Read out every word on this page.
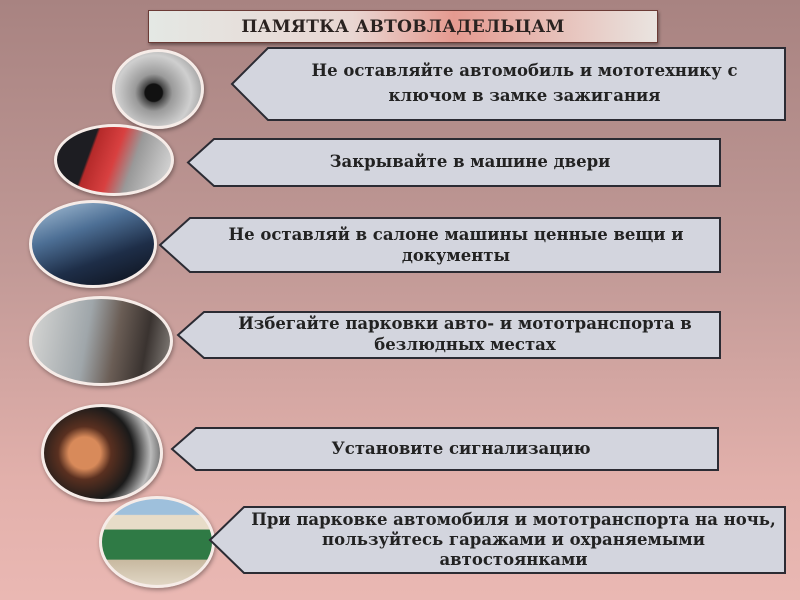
ПАМЯТКА АВТОВЛАДЕЛЬЦАМ
Не оставляйте автомобиль и мототехнику с ключом в замке зажигания
Закрывайте в машине двери
Не оставляй в салоне машины ценные вещи и документы
Избегайте парковки авто- и мототранспорта в безлюдных местах
Установите сигнализацию
При парковке автомобиля и мототранспорта на ночь, пользуйтесь гаражами и охраняемыми автостоянками
